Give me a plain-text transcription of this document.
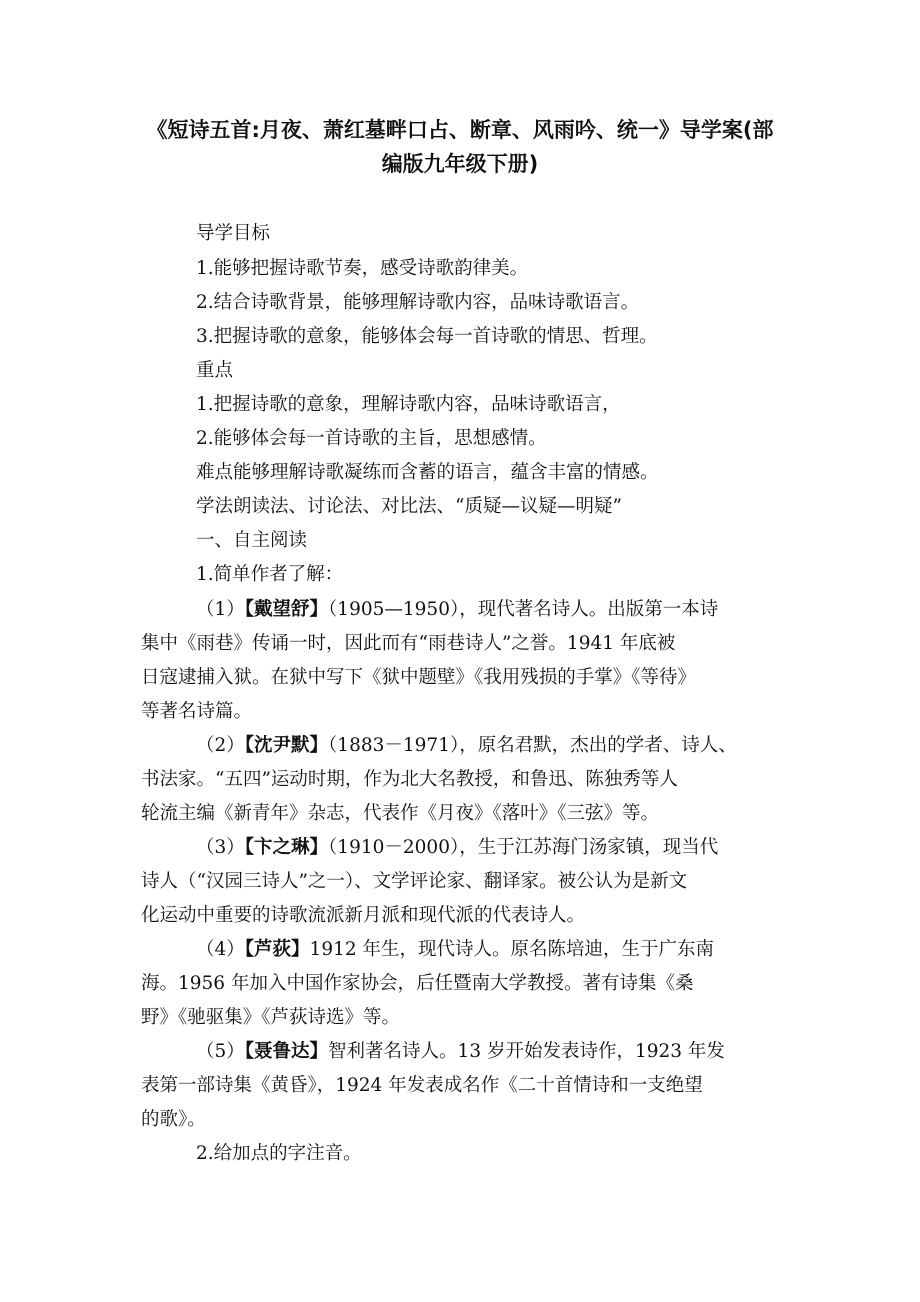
《短诗五首:月夜、萧红墓畔口占、断章、风雨吟、统一》导学案(部
编版九年级下册)
导学目标
1.能够把握诗歌节奏，感受诗歌韵律美。
2.结合诗歌背景，能够理解诗歌内容，品味诗歌语言。
3.把握诗歌的意象，能够体会每一首诗歌的情思、哲理。
重点
1.把握诗歌的意象，理解诗歌内容，品味诗歌语言，
2.能够体会每一首诗歌的主旨，思想感情。
难点能够理解诗歌凝练而含蓄的语言，蕴含丰富的情感。
学法朗读法、讨论法、对比法、“质疑—议疑—明疑”
一、自主阅读
1.简单作者了解：
（1）【戴望舒】（1905—1950），现代著名诗人。出版第一本诗
集中《雨巷》传诵一时，因此而有“雨巷诗人”之誉。1941 年底被
日寇逮捕入狱。在狱中写下《狱中题壁》《我用残损的手掌》《等待》
等著名诗篇。
（2）【沈尹默】（1883－1971），原名君默，杰出的学者、诗人、
书法家。“五四”运动时期，作为北大名教授，和鲁迅、陈独秀等人
轮流主编《新青年》杂志，代表作《月夜》《落叶》《三弦》等。
（3）【卞之琳】（1910－2000），生于江苏海门汤家镇，现当代
诗人（“汉园三诗人”之一）、文学评论家、翻译家。被公认为是新文
化运动中重要的诗歌流派新月派和现代派的代表诗人。
（4）【芦荻】1912 年生，现代诗人。原名陈培迪，生于广东南
海。1956 年加入中国作家协会，后任暨南大学教授。著有诗集《桑
野》《驰驱集》《芦荻诗选》等。
（5）【聂鲁达】智利著名诗人。13 岁开始发表诗作，1923 年发
表第一部诗集《黄昏》，1924 年发表成名作《二十首情诗和一支绝望
的歌》。
2.给加点的字注音。
